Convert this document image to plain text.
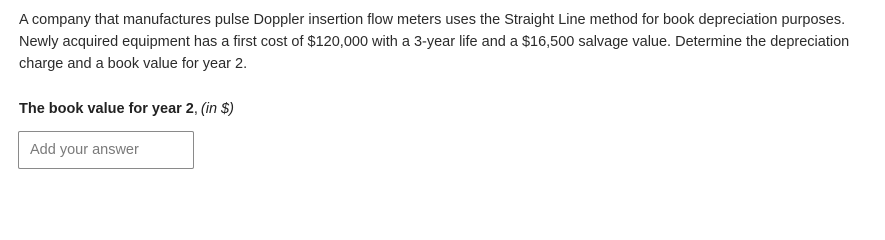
A company that manufactures pulse Doppler insertion flow meters uses the Straight Line method for book depreciation purposes. Newly acquired equipment has a first cost of $120,000 with a 3-year life and a $16,500 salvage value. Determine the depreciation charge and a book value for year 2.
The book value for year 2, (in $)
Add your answer
